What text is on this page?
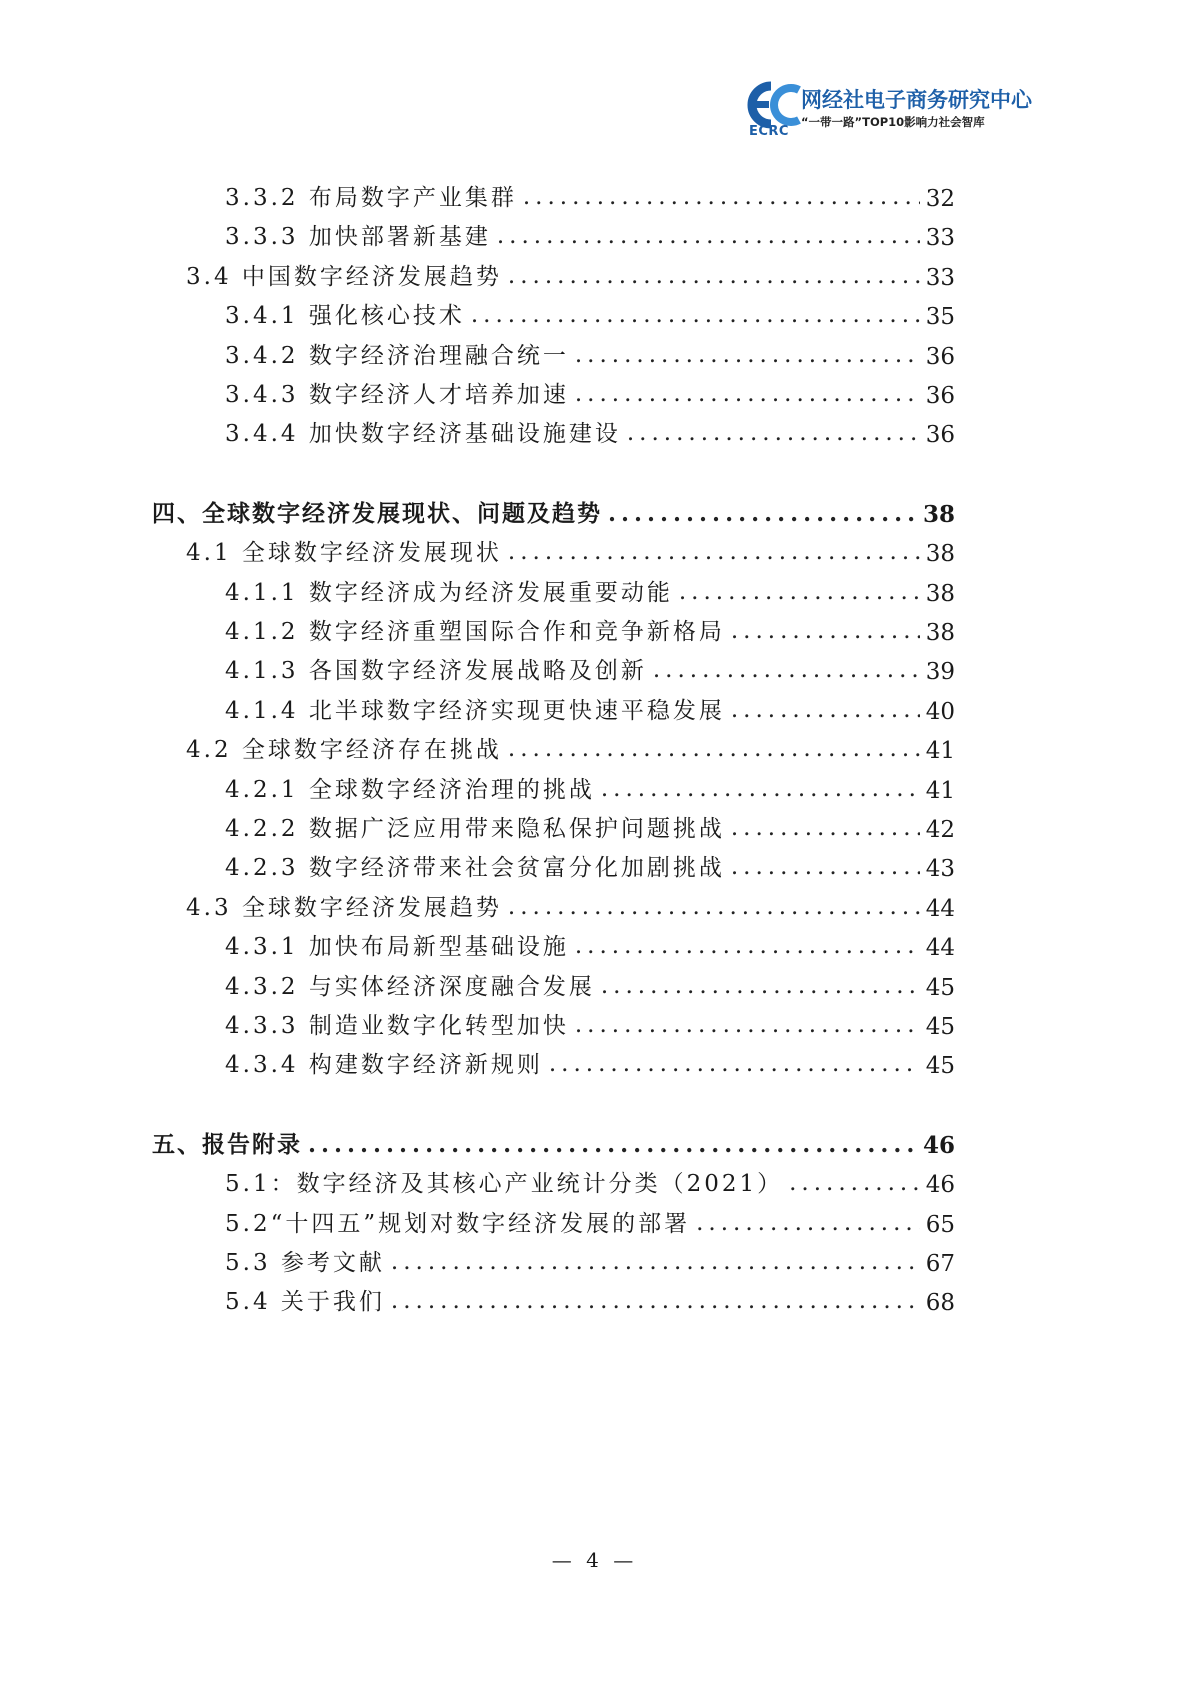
ECRC
网经社电子商务研究中心
“一带一路”TOP10影响力社会智库
3.3.2 布局数字产业集群 .....	32
3.3.3 加快部署新基建 .....	33
3.4 中国数字经济发展趋势 .....	33
3.4.1 强化核心技术 .....	35
3.4.2 数字经济治理融合统一 .....	36
3.4.3 数字经济人才培养加速 .....	36
3.4.4 加快数字经济基础设施建设 .....	36
四、全球数字经济发展现状、问题及趋势 .....	38
4.1 全球数字经济发展现状 .....	38
4.1.1 数字经济成为经济发展重要动能 .....	38
4.1.2 数字经济重塑国际合作和竞争新格局 .....	38
4.1.3 各国数字经济发展战略及创新 .....	39
4.1.4 北半球数字经济实现更快速平稳发展 .....	40
4.2 全球数字经济存在挑战 .....	41
4.2.1 全球数字经济治理的挑战 .....	41
4.2.2 数据广泛应用带来隐私保护问题挑战 .....	42
4.2.3 数字经济带来社会贫富分化加剧挑战 .....	43
4.3 全球数字经济发展趋势 .....	44
4.3.1 加快布局新型基础设施 .....	44
4.3.2 与实体经济深度融合发展 .....	45
4.3.3 制造业数字化转型加快 .....	45
4.3.4 构建数字经济新规则 .....	45
五、报告附录 .....	46
5.1：数字经济及其核心产业统计分类（2021） .....	46
5.2“十四五”规划对数字经济发展的部署 .....	65
5.3 参考文献 .....	67
5.4 关于我们 .....	68
— 4 —
